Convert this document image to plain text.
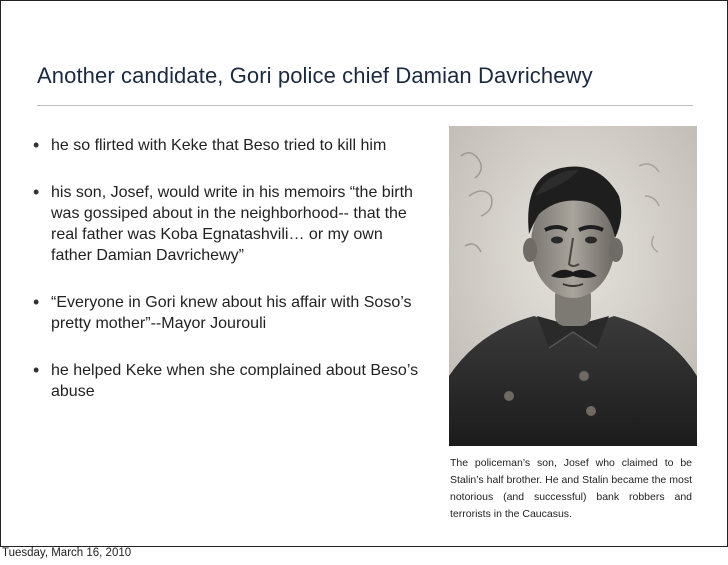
Another candidate, Gori police chief Damian Davrichewy
• he so flirted with Keke that Beso tried to kill him
• his son, Josef, would write in his memoirs “the birth was gossiped about in the neighborhood-- that the real father was Koba Egnatashvili… or my own father Damian Davrichewy”
• “Everyone in Gori knew about his affair with Soso’s pretty mother”--Mayor Jourouli
• he helped Keke when she complained about Beso’s abuse
The policeman’s son, Josef who claimed to be Stalin’s half brother. He and Stalin became the most notorious (and successful) bank robbers and terrorists in the Caucasus.
Tuesday, March 16, 2010
